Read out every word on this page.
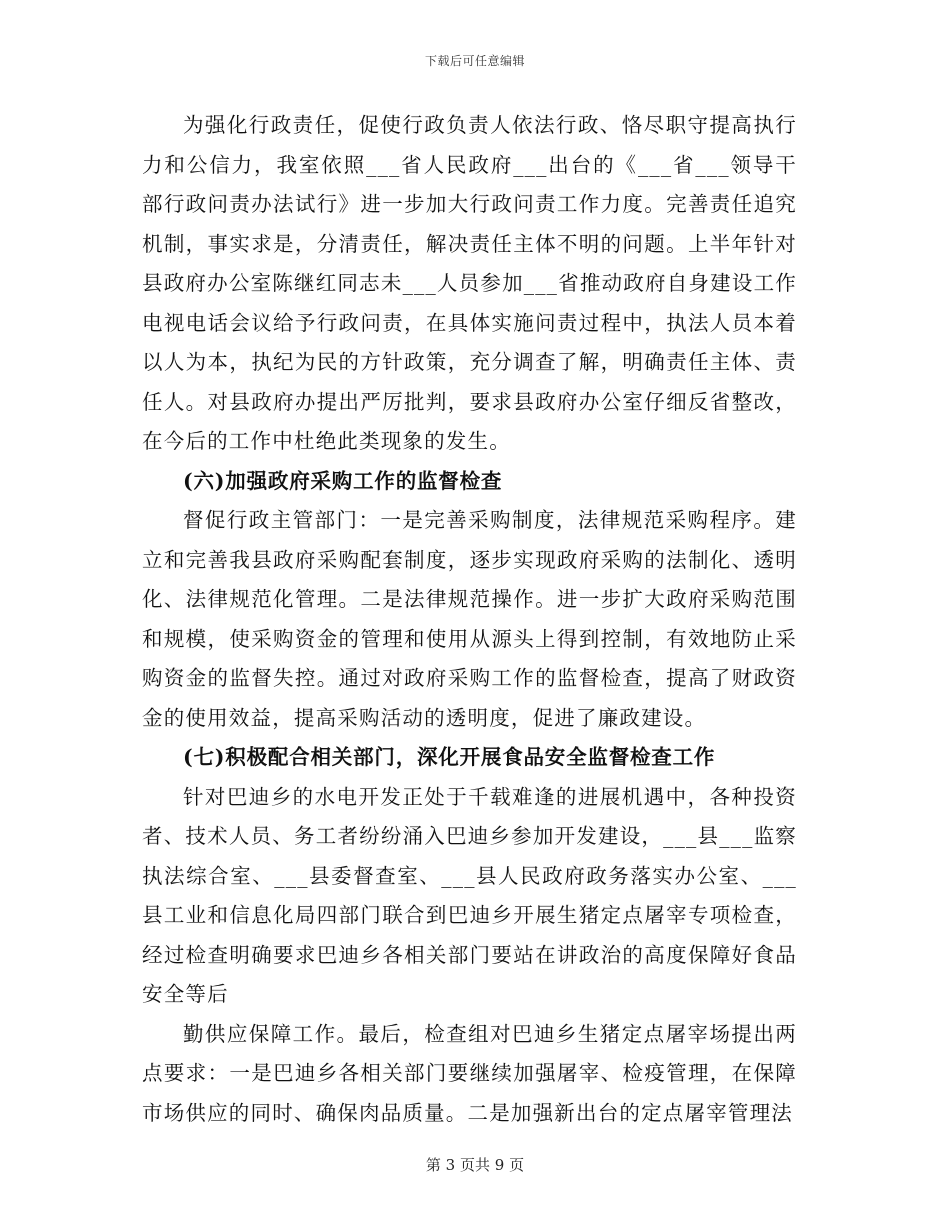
下载后可任意编辑

为强化行政责任，促使行政负责人依法行政、恪尽职守提高执行力和公信力，我室依照___省人民政府___出台的《___省___领导干部行政问责办法试行》进一步加大行政问责工作力度。完善责任追究机制，事实求是，分清责任，解决责任主体不明的问题。上半年针对县政府办公室陈继红同志未___人员参加___省推动政府自身建设工作电视电话会议给予行政问责，在具体实施问责过程中，执法人员本着以人为本，执纪为民的方针政策，充分调查了解，明确责任主体、责任人。对县政府办提出严厉批判，要求县政府办公室仔细反省整改，在今后的工作中杜绝此类现象的发生。

(六)加强政府采购工作的监督检查

督促行政主管部门：一是完善采购制度，法律规范采购程序。建立和完善我县政府采购配套制度，逐步实现政府采购的法制化、透明化、法律规范化管理。二是法律规范操作。进一步扩大政府采购范围和规模，使采购资金的管理和使用从源头上得到控制，有效地防止采购资金的监督失控。通过对政府采购工作的监督检查，提高了财政资金的使用效益，提高采购活动的透明度，促进了廉政建设。

(七)积极配合相关部门，深化开展食品安全监督检查工作

针对巴迪乡的水电开发正处于千载难逢的进展机遇中，各种投资者、技术人员、务工者纷纷涌入巴迪乡参加开发建设，___县___监察执法综合室、___县委督查室、___县人民政府政务落实办公室、___县工业和信息化局四部门联合到巴迪乡开展生猪定点屠宰专项检查，经过检查明确要求巴迪乡各相关部门要站在讲政治的高度保障好食品安全等后

勤供应保障工作。最后，检查组对巴迪乡生猪定点屠宰场提出两点要求：一是巴迪乡各相关部门要继续加强屠宰、检疫管理，在保障市场供应的同时、确保肉品质量。二是加强新出台的定点屠宰管理法

第 3 页共 9 页
